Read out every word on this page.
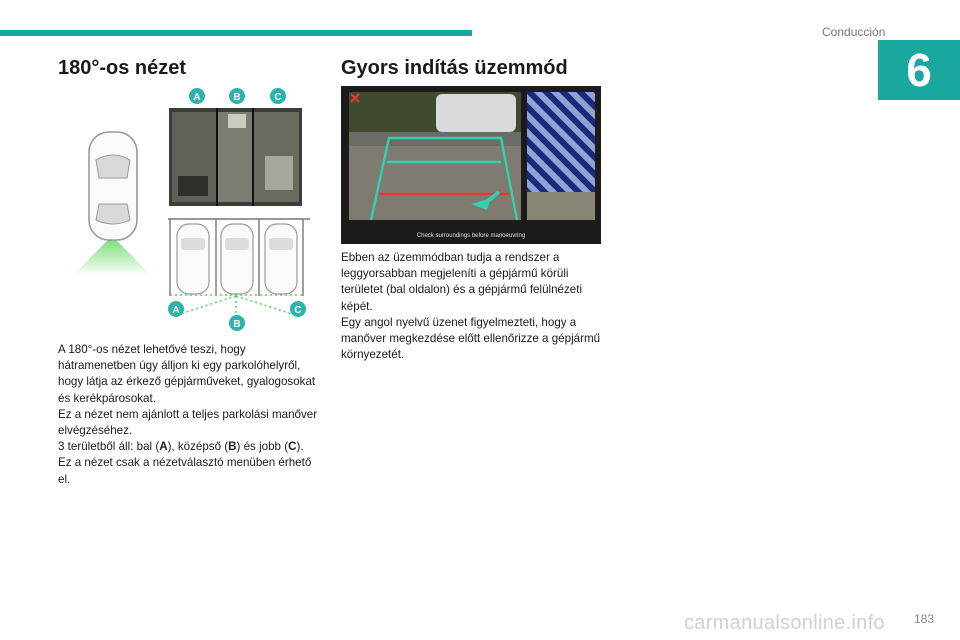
Conducción
6
180°-os nézet
A	B	C
A
B
C

A 180°-os nézet lehetővé teszi, hogy hátramenetben úgy álljon ki egy parkolóhelyről, hogy látja az érkező gépjárműveket, gyalogosokat és kerékpárosokat.

Ez a nézet nem ajánlott a teljes parkolási manőver elvégzéséhez.

3 területből áll: bal (A), középső (B) és jobb (C).

Ez a nézet csak a nézetválasztó menüben érhető el.

Gyors indítás üzemmód
Check surroundings before manoeuvring

Ebben az üzemmódban tudja a rendszer a leggyorsabban megjeleníti a gépjármű körüli területet (bal oldalon) és a gépjármű felülnézeti képét.

Egy angol nyelvű üzenet figyelmezteti, hogy a manőver megkezdése előtt ellenőrizze a gépjármű környezetét.

carmanualsonline.info 183
